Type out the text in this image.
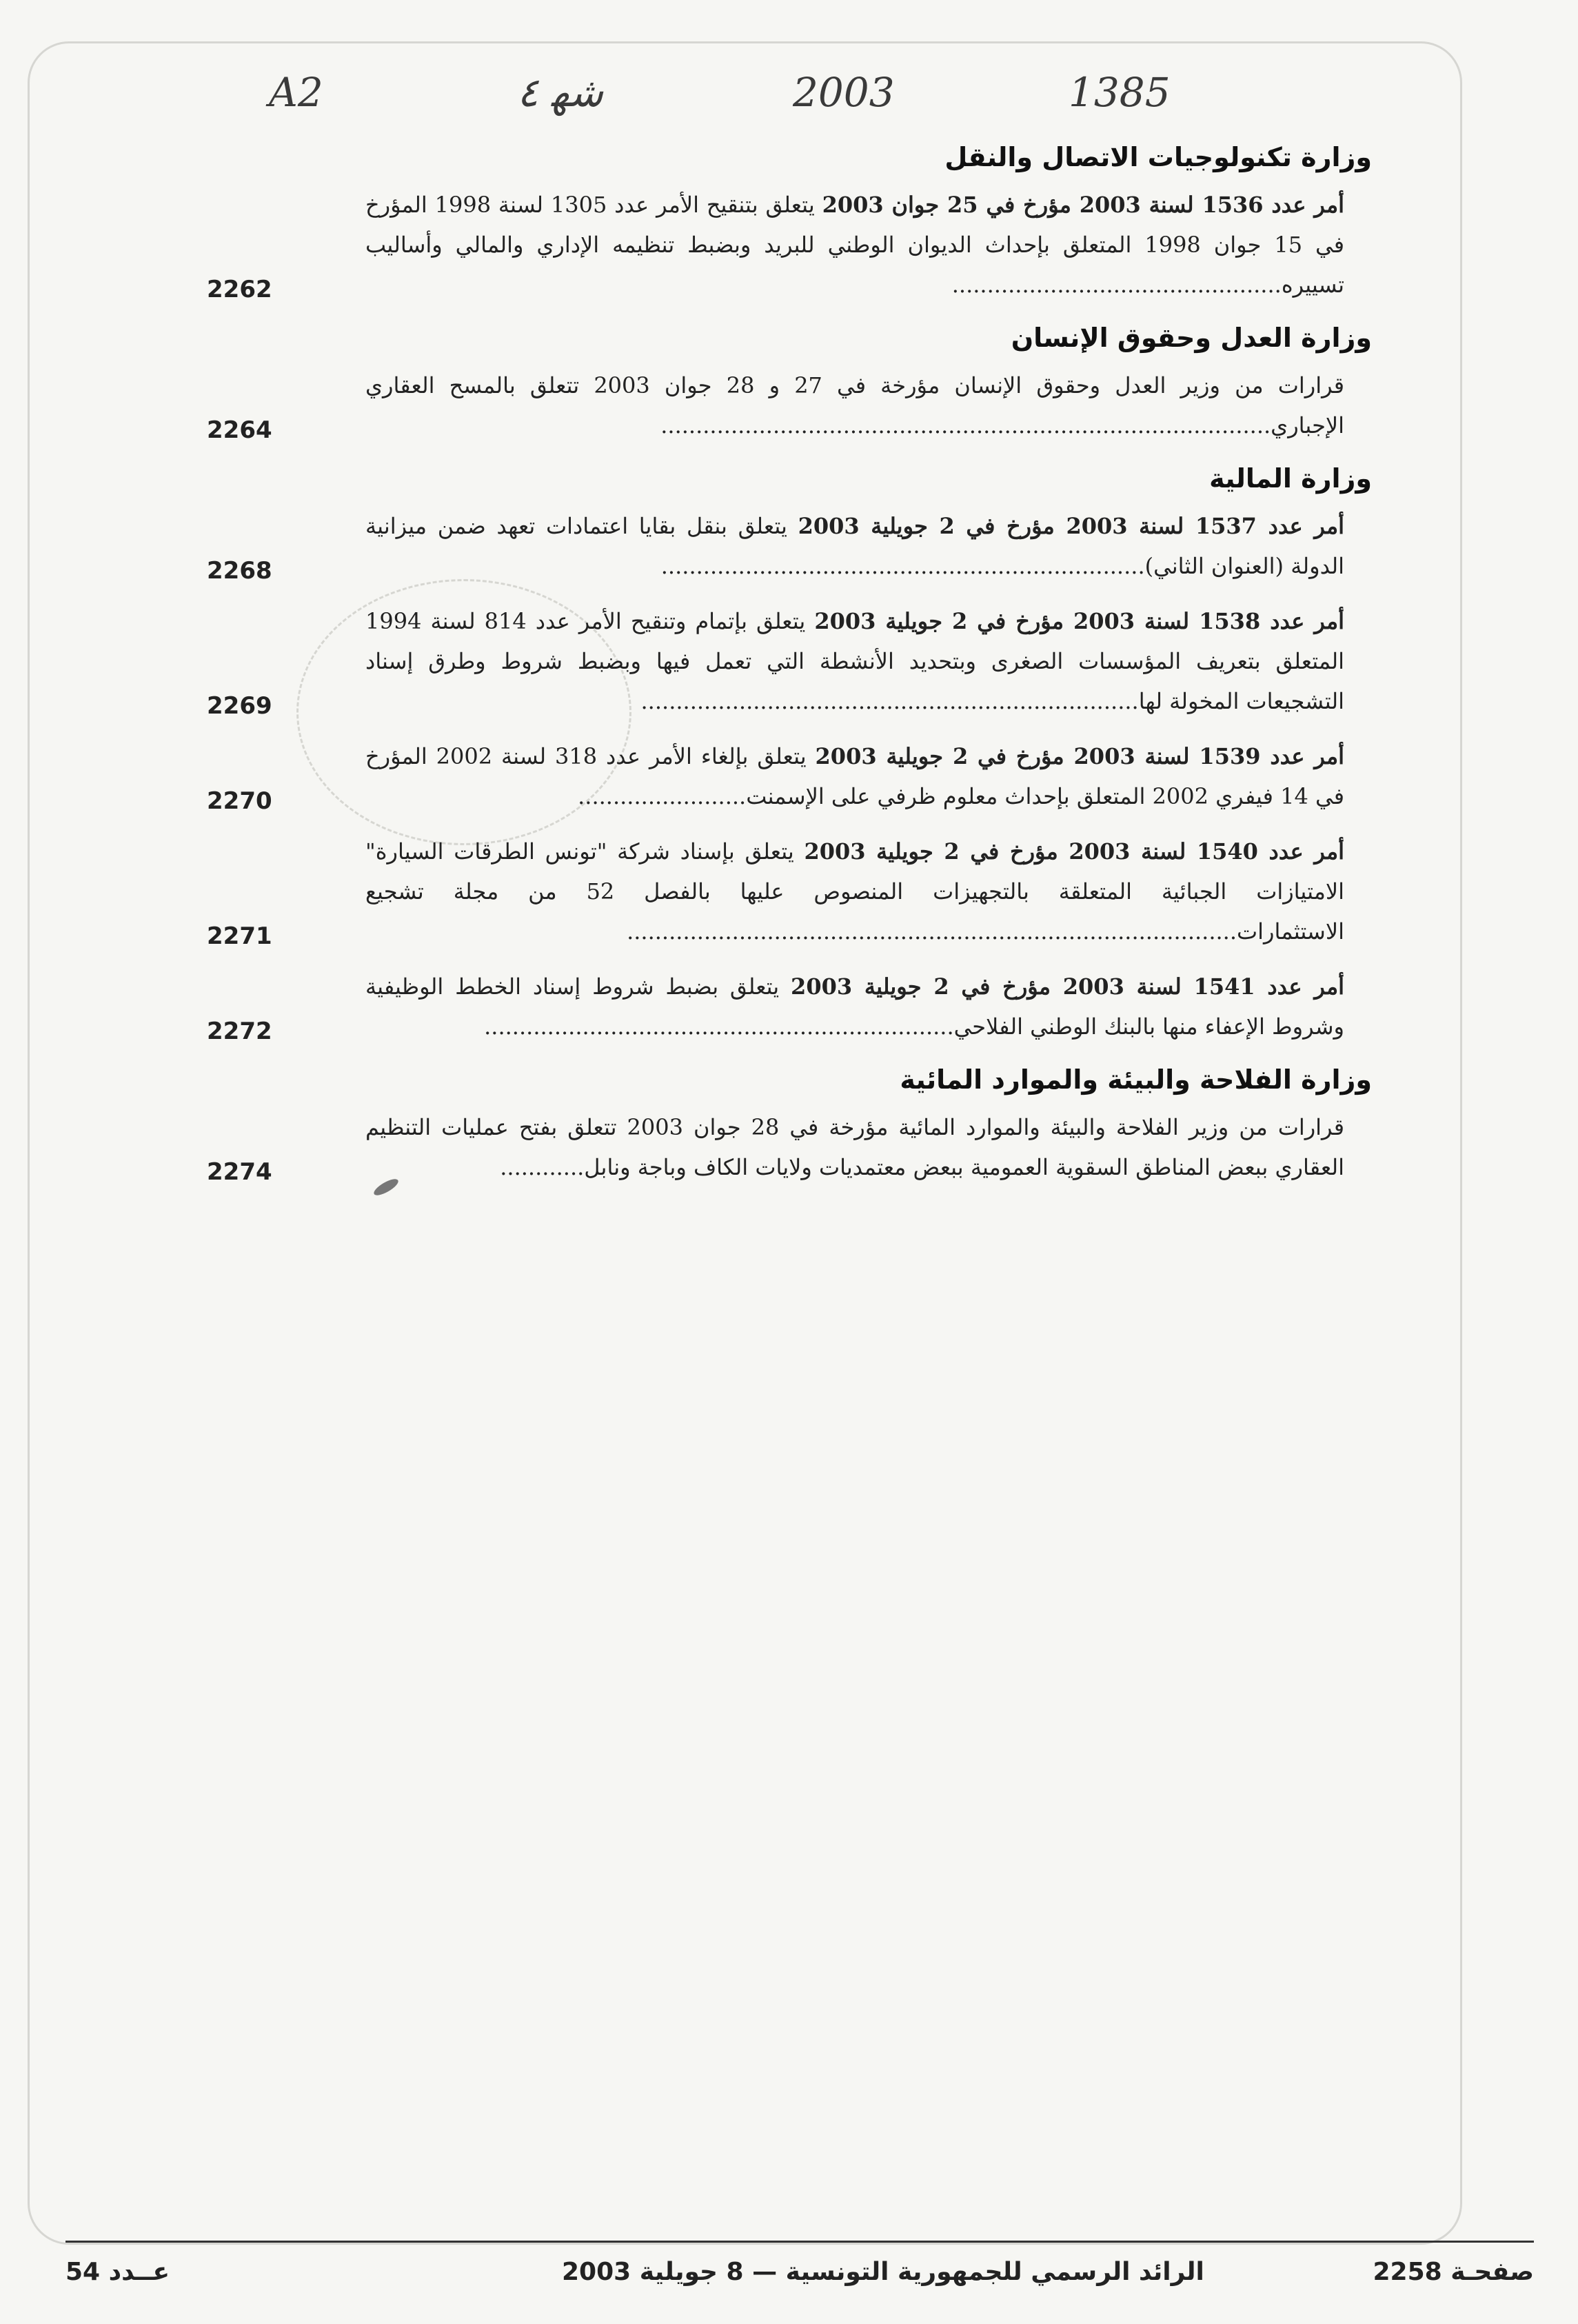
A2	ﺷﻬ ٤	2003	1385
وزارة تكنولوجيات الاتصال والنقل
أمر عدد 1536 لسنة 2003 مؤرخ في 25 جوان 2003 يتعلق بتنقيح الأمر عدد 1305 لسنة 1998 المؤرخ في 15 جوان 1998 المتعلق بإحداث الديوان الوطني للبريد وبضبط تنظيمه الإداري والمالي وأساليب تسييره...............................................
2262
وزارة العدل وحقوق الإنسان
قرارات من وزير العدل وحقوق الإنسان مؤرخة في 27 و 28 جوان 2003 تتعلق بالمسح العقاري الإجباري.......................................................................................
2264
وزارة المالية
أمر عدد 1537 لسنة 2003 مؤرخ في 2 جويلية 2003 يتعلق بنقل بقايا اعتمادات تعهد ضمن ميزانية الدولة (العنوان الثاني).....................................................................
2268
أمر عدد 1538 لسنة 2003 مؤرخ في 2 جويلية 2003 يتعلق بإتمام وتنقيح الأمر عدد 814 لسنة 1994 المتعلق بتعريف المؤسسات الصغرى وبتحديد الأنشطة التي تعمل فيها وبضبط شروط وطرق إسناد التشجيعات المخولة لها.......................................................................
2269
أمر عدد 1539 لسنة 2003 مؤرخ في 2 جويلية 2003 يتعلق بإلغاء الأمر عدد 318 لسنة 2002 المؤرخ في 14 فيفري 2002 المتعلق بإحداث معلوم ظرفي على الإسمنت........................
2270
أمر عدد 1540 لسنة 2003 مؤرخ في 2 جويلية 2003 يتعلق بإسناد شركة "تونس الطرقات السيارة" الامتيازات الجبائية المتعلقة بالتجهيزات المنصوص عليها بالفصل 52 من مجلة تشجيع الاستثمارات.......................................................................................
2271
أمر عدد 1541 لسنة 2003 مؤرخ في 2 جويلية 2003 يتعلق بضبط شروط إسناد الخطط الوظيفية وشروط الإعفاء منها بالبنك الوطني الفلاحي...................................................................
2272
وزارة الفلاحة والبيئة والموارد المائية
قرارات من وزير الفلاحة والبيئة والموارد المائية مؤرخة في 28 جوان 2003 تتعلق بفتح عمليات التنظيم العقاري ببعض المناطق السقوية العمومية ببعض معتمديات ولايات الكاف وباجة ونابل............
2274
عــدد 54	الرائد الرسمي للجمهورية التونسية — 8 جويلية 2003	صفحـة 2258
